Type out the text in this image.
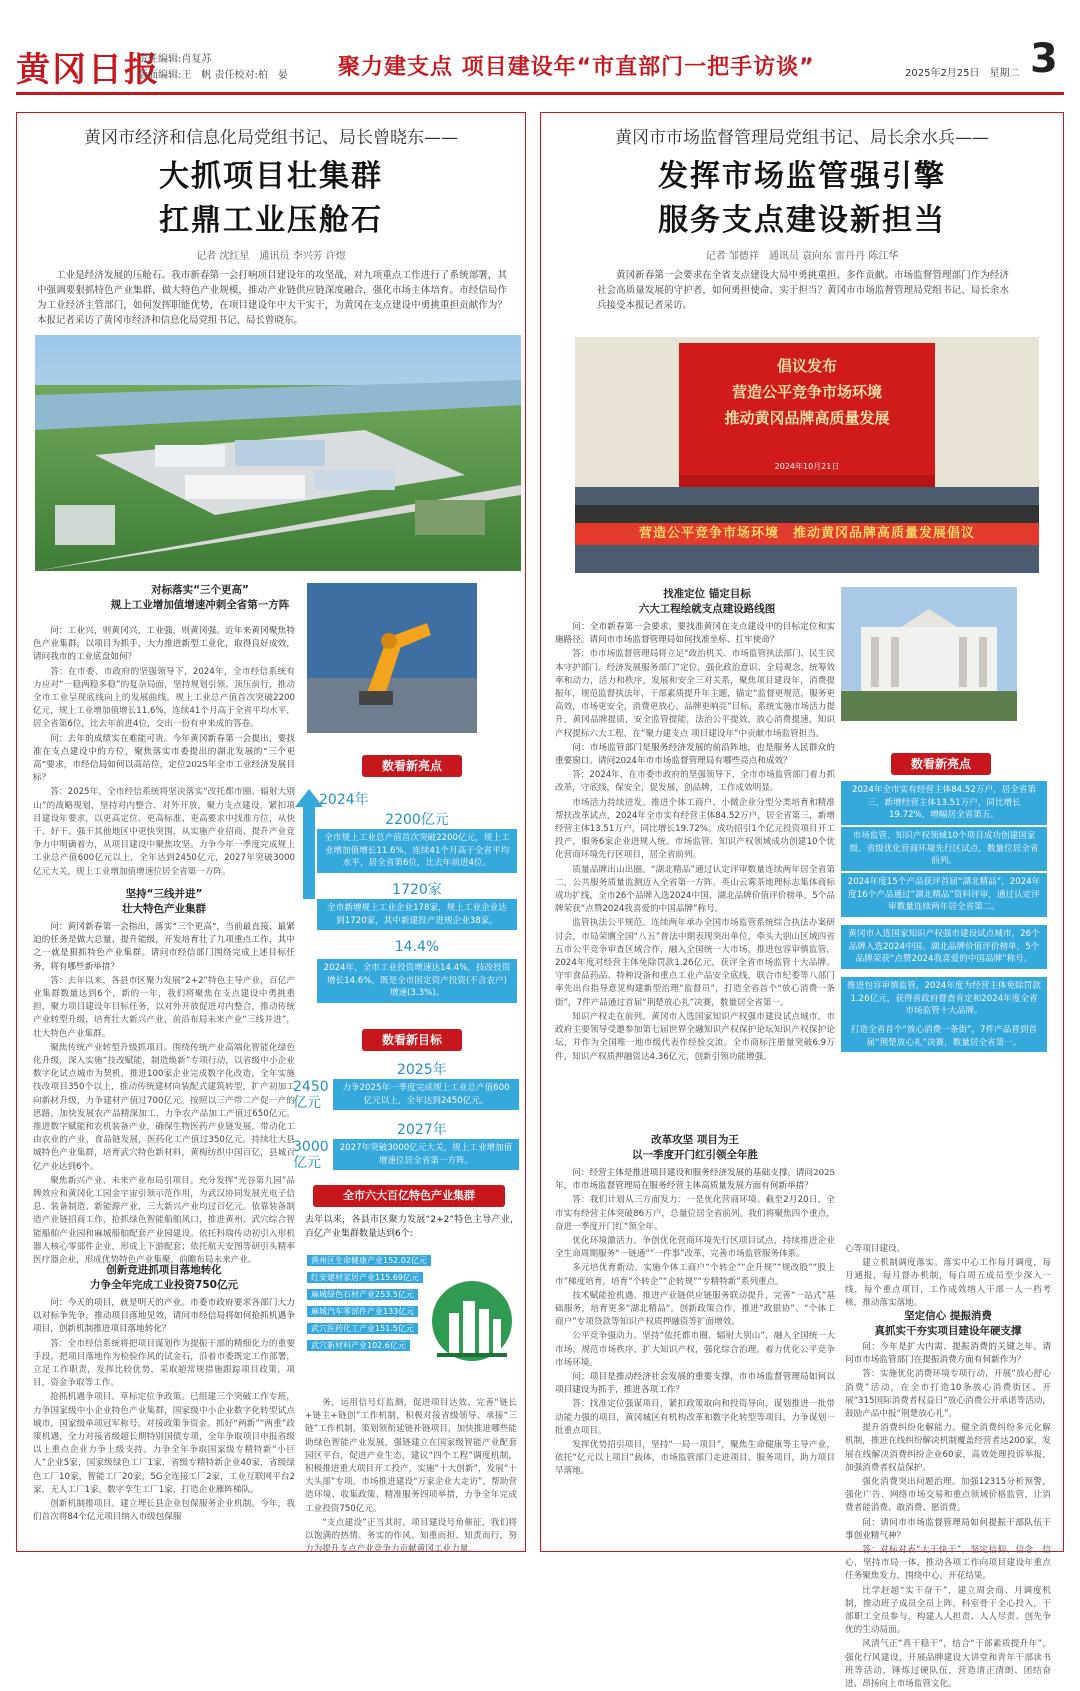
黄冈日报
责任编辑:肖复苏
版面编辑:王　帆 责任校对:柏　晏 聚力建支点 项目建设年“市直部门一把手访谈”	2025年2月25日　星期二 3
黄冈市经济和信息化局党组书记、局长曾晓东——
大抓项目壮集群
扛鼎工业压舱石
记者 沈红星　通讯员 李兴芳 许煜
工业是经济发展的压舱石。我市新春第一会打响项目建设年的攻坚战，对九项重点工作进行了系统部署，其中强调要狠抓特色产业集群，做大特色产业规模，推动产业链供应链深度融合，强化市场主体培育。市经信局作为工业经济主管部门，如何发挥职能优势，在项目建设年中大干实干，为黄冈在支点建设中勇挑重担贡献作为？本报记者采访了黄冈市经济和信息化局党组书记、局长曾晓东。
对标落实“三个更高”
规上工业增加值增速冲刺全省第一方阵

问：工业兴，则黄冈兴，工业强，则黄冈强。近年来黄冈聚焦特色产业集群，以项目为抓手，大力推进新型工业化，取得良好成效，请问我市的工业底盘如何？

答：在市委、市政府的坚强领导下，2024年，全市经信系统有力应对“一稳两稳多稳”的复杂局面，坚持规划引领、顶压前行，推动全市工业呈现底线向上的发展曲线。规上工业总产值首次突破2200亿元，规上工业增加值增长11.6%，连续41个月高于全省平均水平，居全省第6位，比去年前进4位，交出一份有申来成的答卷。

问：去年的成绩实在难能可贵。今年黄冈新春第一会提出，要找准在支点建设中的方位，聚焦落实市委提出的湖北发展的“三个更高”要求，市经信局如何以高站位，定位2025年全市工业经济发展目标？

答：2025年，全市经信系统将坚决落实“改托都市圈、辐射大别山”的战略规划，坚持对内整合、对外开放，聚力支点建设，紧扣项目建设年要求，以更高定位、更高标准、更高要求中找准方位，从快干、好干、强干其他地区中更快突围，从实施产业招商、提升产业竞争力中明确着力，从项目建设中聚焦攻坚。力争今年一季度完成规上工业总产值600亿元以上，全年达到2450亿元，2027年突破3000亿元大关，规上工业增加值增速位居全省第一方阵。

坚持“三线并进”
壮大特色产业集群

问：黄冈新春第一会指出，落实“三个更高”，当前最直接、最紧迫的任务是做大总量、提升能级，开发培育壮了九项重点工作，其中之一就是狠抓特色产业集群。请问市经信部门围绕完成上述目标任务，将有哪些新举措？

答：去年以来，各县市区聚力发展“2+2”特色主导产业，百亿产业集群数量达到6个，新的一年，我们将聚焦在支点建设中勇挑重担，聚力项目建设年目标任务，以对外开放促进对内整合，推动传统产业转型升级，培育壮大新兴产业，前沿布局未来产业“三线并进”，壮大特色产业集群。

聚焦传统产业转型升级抓项目。围绕传统产业高端化智能化绿色化升级，深入实施“技改赋能，制造焕新”专项行动，以省级中小企业数字化试点城市为契机，推进100家企业完成数字化改造，全年实施技改项目350个以上，推动传统建材向装配式建筑转型，扩产初加工向新材升级，力争建材产值过700亿元。按照以三产带二产促一产的思路，加快发展农产品精深加工，力争农产品加工产值过650亿元。推进数字赋能和农机装备产业，确保生物医药产业链发展，带动化工由农业的产业、食品链发展，医药化工产值过350亿元。持续壮大县城特色产业集群，培育武穴特色新材料，黄梅纺织中国百亿，县城百亿产业达到6个。

聚焦新兴产业、未来产业布局引项目。充分发挥“光谷第九园”品牌效应和黄冈化工园金宇宙引领示范作用，为武汉协同发展光电子信息、装备制造、新能源产业，三大新兴产业均过百亿元。依靠装备制造产业链招商工作，抢抓绿色智能船舶风口，推进黄州、武穴综合智能船舶产业园和麻城船舶配套产业园建设。依托科瑞传动初引入形机器人核心零部件企业，形成上下游配套；依托航天安图等研引头精率医疗器企业，形成优势特色产业集聚，前瞻布局未来产业。

创新竞进抓项目落地转化
力争全年完成工业投资750亿元

问：今天的项目，就是明天的产业。市委市政府要求各部门大力以对标争先争，推动项目落地见效，请问市经信局将如何抢抓机遇争项目，创新机制推进项目落地转化？

答：全市经信系统将把项目谋划作为提振干部的精细化力的重要手段，把项目落地作为检验作风的试金石，沿着市委既定工作部署，立足工作职责，发挥比较优势，采取超常规措施跟踪项目政策，项目，资金争取等工作。

抢抓机遇争项目。草标定位争政策。已组建三个突破工作专班，力争国家级中小企业特色产业集群，国家级中小企业数字化转型试点城市，国家级单项冠军称号。对接政策争资金。抓好“两新”“两重”政策机遇，全力对接省级超长期特别国债专项，全年争取项目申报省级以上重点企业力争上级支持。力争全年争取国家级专精特新“小巨人”企业5家，国家级绿色工厂1家，省级专精特新企业40家，省级绿色工厂10家，智能工厂20家，5G全连接工厂2家，工业互联网平台2家，无人工厂1家，数字孪生工厂1家，打造企业雁阵梯队。

创新机制推项目。建立埋长县企业包保服务企业机制。今年，我们首次将84个亿元项目纳入市级包保服

务，运用信号灯监测，促进项目达效。完善“链长+链主+链创”工作机制，积极对接省级领导、承接“三链”工作机制，策划领衔延链补链项目，加快推进哪些能助绿色智能产业发展，强链建立在国家级智能产业配套园区平台，促进产业生态，建议“四个工程”调度机制，积极推进重大项目开工投产，实施“十大创新”，发展“十大头部”专项。市场推进建设“万家企业大走访”，帮助营造环境、收集政策、精准服务四项举措，力争全年完成工业投资750亿元。

“支点建设”正当其时，项目建设号角催征，我们将以饱满的热情、务实的作风、知重而担、知责而行，努力为提升支点产业竞争力贡献黄冈工业力量。

数看新亮点
2024年
2200亿元
全市规上工业总产值首次突破2200亿元，规上工业增加值增长11.6%，连续41个月高于全省平均水平，居全省第6位，比去年前进4位。
1720家
全市新增规上工业企业178家，规上工业企业达到1720家，其中新建投产进规企业38家。
14.4%
2024年，全市工业投资增速达14.4%，技改投资增长14.6%，既是全市固定资产投资(不含农户)增速(3.3%)。
数看新目标
2025年
2450亿元
力争2025年一季度完成规上工业总产值600亿元以上，全年达到2450亿元。
2027年
3000亿元
2027年突破3000亿元大关，规上工业增加值增速位居全省第一方阵。
全市六大百亿特色产业集群
去年以来，各县市区聚力发展“2+2”特色主导产业，百亿产业集群数量达到6个:
黄州区生命健康产业152.02亿元
红安建材家居产业115.69亿元
麻城绿色石材产业253.5亿元
麻城汽车零部件产业133亿元
武穴医药化工产业151.5亿元
武穴新材料产业102.6亿元
黄冈市市场监督管理局党组书记、局长余水兵——
发挥市场监管强引擎
服务支点建设新担当
记者 邹德祥　通讯员 袁向东 雷丹丹 陈江华
黄冈新春第一会要求在全省支点建设大局中勇挑重担、多作贡献。市场监督管理部门作为经济社会高质量发展的守护者，如何勇担使命、实干担当？黄冈市市场监督管理局党组书记、局长余水兵接受本报记者采访。
倡议发布
营造公平竞争市场环境
推动黄冈品牌高质量发展
2024年10月21日
营造公平竞争市场环境　推动黄冈品牌高质量发展倡议
找准定位 锚定目标
六大工程绘就支点建设路线图

问：全市新春第一会要求，要找准黄冈在支点建设中的目标定位和实施路径。请问市市场监督管理局如何找准坐标、扛牢使命？

答：市市场监督管理局将立足“政治机关、市场监管执法部门、民生民本守护部门、经济发展服务部门”定位，强化政治意识、全局观念、统筹效率和动力，活力和秩序，发展和安全三对关系，聚焦项目建设年，消费提振年，规范监督执法年，干部素质提升年主题，锚定“监督更规范，服务更高效，市场更安全，消费更放心，品牌更响亮”目标，系统实施市场活力提升，黄冈品牌提质，安全监管提能，法治公平提效，放心消费提速，知识产权提标六大工程，在“聚力建支点 项目建设年”中贡献市场监管担当。

问：市场监管部门是服务经济发展的前沿阵地，也是服务人民群众的重要窗口。请问2024年市市场监督管理局有哪些亮点和成效？

答：2024年，在市委市政府的坚强领导下，全市市场监管部门着力抓改革，守底线，保安全，促发展，创品牌，工作成效明显。

市场活力持续迸发。推进个体工商户、小微企业分型分类培育和精准帮扶改革试点，2024年全市实有经营主体84.52万户，居全省第三，新增经营主体13.51万户，同比增长19.72%。成功招引1个亿元投资项目开工投产，服务6家企业进规入统。市场监管、知识产权领域成功创建10个优化营商环境先行区项目，居全省前列。

质量品牌出山出圈。“湖北精品”通过认定评审数量连续两年居全省第二，公共服务质量监测迈入全省第一方阵。英山云雾茶地理标志集体商标成功扩线，全市26个品牌入选2024中国、湖北品牌价值评价榜单，5个品牌荣获“点赞2024我喜爱的中国品牌”称号。

监管执法公平规范。连续两年承办全国市场监管系统综合执法办案研讨会，市局荣膺全国“八五”普法中期表现突出单位，牵头大别山区域四省五市公平竞争审查区域合作，融入全国统一大市场。推进包容审慎监管，2024年度对经营主体免除罚款1.26亿元，获评全省市场监管十大品牌。守牢食品药品、特种设备和重点工业产品安全底线，联合市纪委等八部门率先出台指导意见构建新型治理“监督员”，打造全省首个“放心消费一条街”，7件产品通过首届“荆楚放心礼”决赛，数量居全省第一。

知识产权走在前列。黄冈市入选国家知识产权强市建设试点城市，市政府主要领导受邀参加第七届世界全融知识产权保护论坛知识产权保护论坛，并作为全国唯一地市级代表作经验交流。全市商标注册量突破6.9万件，知识产权质押融资达4.36亿元，创新引领功能增强。

改革攻坚 项目为王
以一季度开门红引领全年胜

问：经营主体是推进项目建设和服务经济发展的基础支撑。请问2025年，市市场监督管理局在服务经营主体高质量发展方面有何新举措？

答：我们计划从三方面发力：一是优化营商环境。截至2月20日，全市实有经营主体突破86万户，总量位居全省前列。我们将聚焦四个重点，奋进一季度开门红“领全年。

优化环境激活力。争创优化营商环境先行区项目试点，持续推进企业全生命周期服务“一链通”“一件事”改革，完善市场监管服务体系。

多元培优育新动。实施个体工商户“个转企”“企升规”“规改股”“股上市”梯度培育，培育“个转企”“企转规”“专精特新”系列重点。

技术赋能抢机遇。推进产业链供应链服务联动提升，完善“一站式”基础服务，培育更多“湖北精品”。创新政策合作，推进“政银协”、“个体工商户”专项贷款等知识产权质押融资等扩面增效。

公平竞争强动力。坚持“依托都市圈、辐射大别山”，融入全国统一大市场，规范市场秩序，扩大知识产权，强化综合治理，着力优化公平竞争市场环境。

问：项目是推动经济社会发展的重要支撑，市市场监督管理局如何以项目建设为抓手，推进各项工作？

答：找准定位强谋项目，紧扣政策取向和投资导向，谋划推进一批带动能力强的项目，黄冈城区有机构改革和数字化转型等项目，力争谋划一批重点项目。

发挥优势招引项目，坚持“一局一项目”，聚焦生命健康等主导产业，依托“亿元以上项目”载体，市场监管部门走进项目、服务项目，助力项目早落地。

心等项目建设。

建立机制调度落实。落实中心工作每月调度，每月通报，每月督办机制，每白周五成员至少深入一线，每个重点项目，工作成效纳入干部一人一档考核，推动落实落地。

坚定信心 提振消费
真抓实干夯实项目建设年硬支撑

问：今年是扩大内需、提振消费的关键之年。请问市市场监管部门在提振消费方面有何新作为？

答：实施优化消费环境专项行动，开展“放心舒心消费”活动，在全市打造10条放心消费街区。开展“315国际消费者权益日”放心消费公开承诺等活动，鼓励产品中报“荆楚放心礼”。

提升消费纠纷化解能力。健全消费纠纷多元化解机制，推进在线纠纷解决机制覆盖经营者达200家，发展在线解决消费纠纷企业60家，高效处理投诉举报，加强消费者权益保护。

强化消费突出问题治理。加强12315分析预警，强化广告、网络市场交易和重点领域价格监管，让消费者能消费、敢消费、愿消费。

问：请问市市场监督管理局如何提振干部队伍干事创业精气神？

答：对标对表“大干快干”，坚定信仰、信念、信心，坚持市局一体，推动各项工作向项目建设年重点任务聚焦发力，围绕中心，开花结果。

比学赶超“实干奋干”，建立周会商、月调度机制，推动班子成员全员上阵，科室骨干全心投入，干部职工全员参与，构建人人担责、人人尽责、创先争优的生动局面。

风清气正“真干稳干”，结合“干部素质提升年”，强化行风建设，开展品牌建设大讲堂和青年干部读书班等活动，锤炼过硬队伍，营造清正清朗、团结奋进、昂扬向上市场监管文化。

数看新亮点
2024年全市实有经营主体84.52万户，居全省第三，新增经营主体13.51万户，同比增长19.72%，增幅居全省第五。
市场监管、知识产权领域10个项目成功创建国家级、省级优化营商环境先行区试点，数量位居全省前列。
2024年度15个产品获评首届“湖北精品”，2024年度16个产品通过“湖北精品”资料评审，通过认定评审数量连续两年居全省第二。
黄冈市入选国家知识产权强市建设试点城市，26个品牌入选2024中国、湖北品牌价值评价榜单，5个品牌荣获“点赞2024我喜爱的中国品牌”称号。
推进包容审慎监管，2024年度为经营主体免除罚款1.26亿元，获得省政府督查肯定和2024年度全省市场监管十大品牌。
打造全省首个“放心消费一条街”，7件产品晋到首届“荆楚放心礼”决赛，数量居全省第一。
